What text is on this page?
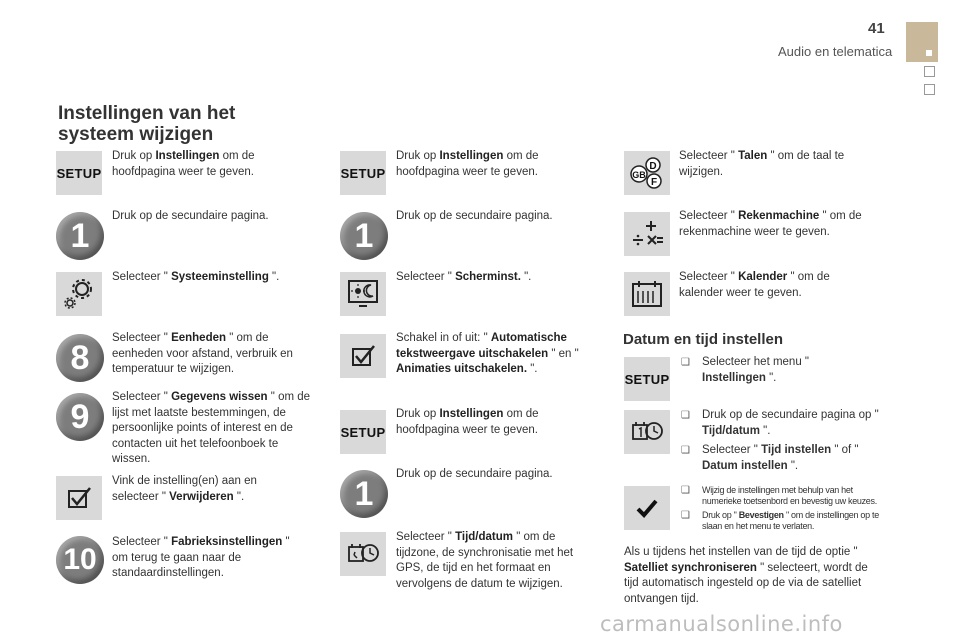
41
Audio en telematica
Instellingen van het
systeem wijzigen
SETUP
Druk op Instellingen om de hoofdpagina weer te geven.
1
Druk op de secundaire pagina.
Selecteer " Systeeminstelling ".
8
Selecteer " Eenheden " om de eenheden voor afstand, verbruik en temperatuur te wijzigen.
9
Selecteer " Gegevens wissen " om de lijst met laatste bestemmingen, de persoonlijke points of interest en de contacten uit het telefoonboek te wissen.
Vink de instelling(en) aan en selecteer " Verwijderen ".
10
Selecteer " Fabrieksinstellingen " om terug te gaan naar de standaardinstellingen.
SETUP
Druk op Instellingen om de hoofdpagina weer te geven.
1
Druk op de secundaire pagina.
Selecteer " Scherminst. ".
Schakel in of uit: " Automatische tekstweergave uitschakelen " en " Animaties uitschakelen. ".
SETUP
Druk op Instellingen om de hoofdpagina weer te geven.
1
Druk op de secundaire pagina.
Selecteer " Tijd/datum " om de tijdzone, de synchronisatie met het GPS, de tijd en het formaat en vervolgens de datum te wijzigen.
D
GB
F
Selecteer " Talen " om de taal te wijzigen.
Selecteer " Rekenmachine " om de rekenmachine weer te geven.
Selecteer " Kalender " om de kalender weer te geven.
Datum en tijd instellen
SETUP
❑	Selecteer het menu " Instellingen ".
❑	Druk op de secundaire pagina op " Tijd/datum ".
❑	Selecteer " Tijd instellen " of " Datum instellen ".
❑	Wijzig de instellingen met behulp van het numerieke toetsenbord en bevestig uw keuzes.
❑	Druk op " Bevestigen " om de instellingen op te slaan en het menu te verlaten.
Als u tijdens het instellen van de tijd de optie " Satelliet synchroniseren " selecteert, wordt de tijd automatisch ingesteld op de via de satelliet ontvangen tijd.
carmanualsonline.info
